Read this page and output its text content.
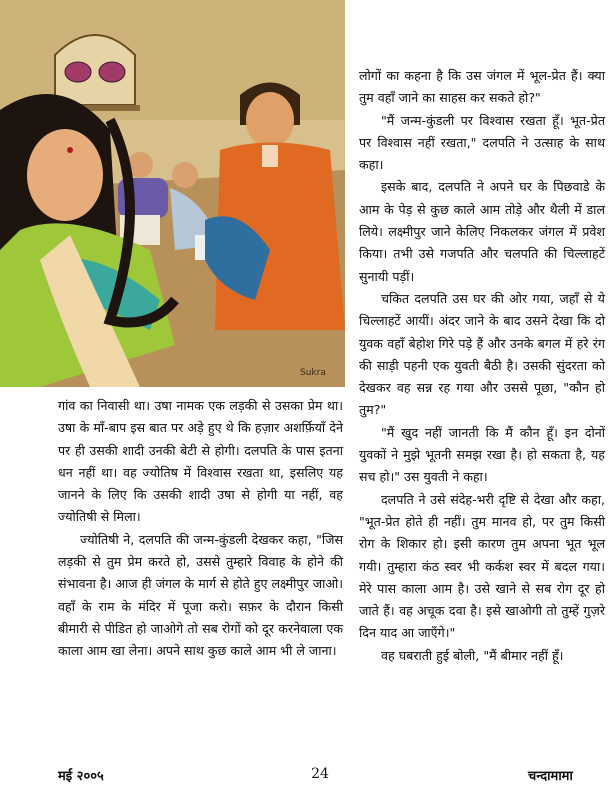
Sukra

लोगों का कहना है कि उस जंगल में भूल-प्रेत हैं। क्या तुम वहाँ जाने का साहस कर सकते हो?"

"मैं जन्म-कुंडली पर विश्वास रखता हूँ। भूत-प्रेत पर विश्वास नहीं रखता," दलपति ने उत्साह के साथ कहा।

इसके बाद, दलपति ने अपने घर के पिछवाडे के आम के पेड़ से कुछ काले आम तोड़े और थैली में डाल लिये। लक्ष्मीपुर जाने केलिए निकलकर जंगल में प्रवेश किया। तभी उसे गजपति और चलपति की चिल्लाहटें सुनायी पड़ीं।

चकित दलपति उस घर की ओर गया, जहाँ से ये चिल्लाहटें आयीं। अंदर जाने के बाद उसने देखा कि दो युवक वहाँ बेहोश गिरे पड़े हैं और उनके बगल में हरे रंग की साड़ी पहनी एक युवती बैठी है। उसकी सुंदरता को देखकर वह सन्न रह गया और उससे पूछा, "कौन हो तुम?"

"मैं खुद नहीं जानती कि मैं कौन हूँ। इन दोनों युवकों ने मुझे भूतनी समझ रखा है। हो सकता है, यह सच हो।" उस युवती ने कहा।

दलपति ने उसे संदेह-भरी दृष्टि से देखा और कहा, "भूत-प्रेत होते ही नहीं। तुम मानव हो, पर तुम किसी रोग के शिकार हो। इसी कारण तुम अपना भूत भूल गयी। तुम्हारा कंठ स्वर भी कर्कश स्वर में बदल गया। मेरे पास काला आम है। उसे खाने से सब रोग दूर हो जाते हैं। वह अचूक दवा है। इसे खाओगी तो तुम्हें गुज़रे दिन याद आ जाएँगे।"

वह घबराती हुई बोली, "मैं बीमार नहीं हूँ।

गांव का निवासी था। उषा नामक एक लड़की से उसका प्रेम था। उषा के माँ-बाप इस बात पर अड़े हुए थे कि हज़ार अशर्फ़ियाँ देने पर ही उसकी शादी उनकी बेटी से होगी। दलपति के पास इतना धन नहीं था। वह ज्योतिष में विश्वास रखता था, इसलिए यह जानने के लिए कि उसकी शादी उषा से होगी या नहीं, वह ज्योतिषी से मिला।

ज्योतिषी ने, दलपति की जन्म-कुंडली देखकर कहा, "जिस लड़की से तुम प्रेम करते हो, उससे तुम्हारे विवाह के होने की संभावना है। आज ही जंगल के मार्ग से होते हुए लक्ष्मीपुर जाओ। वहाँ के राम के मंदिर में पूजा करो। सफ़र के दौरान किसी बीमारी से पीडित हो जाओगे तो सब रोगों को दूर करनेवाला एक काला आम खा लेना। अपने साथ कुछ काले आम भी ले जाना।

मई २००५	24	चन्दामामा
